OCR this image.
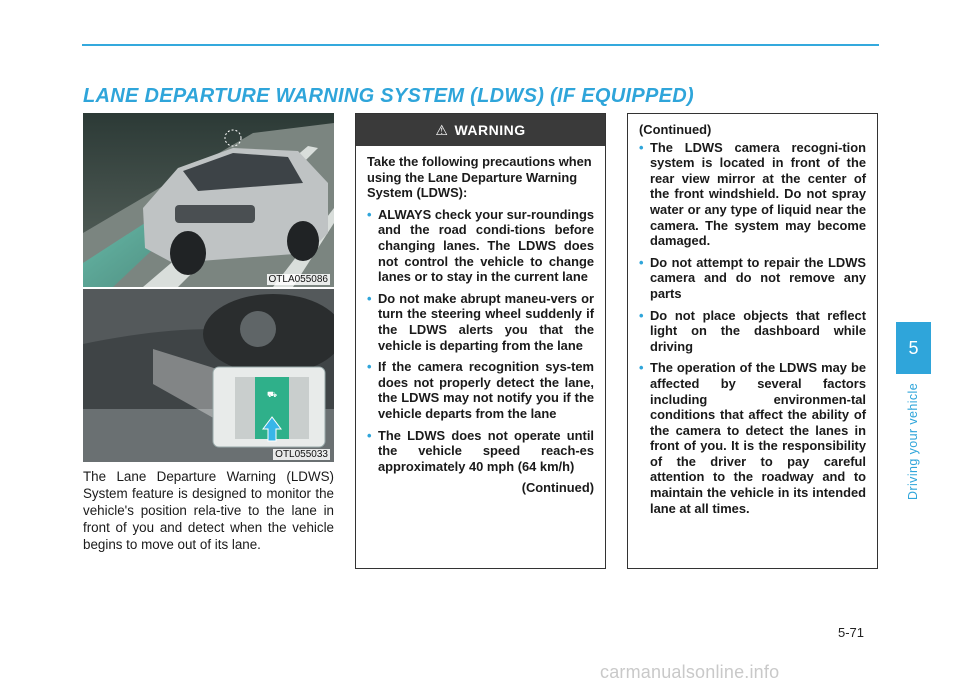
LANE DEPARTURE WARNING SYSTEM (LDWS) (IF EQUIPPED)
OTLA055086
⛟
OTL055033

The Lane Departure Warning (LDWS) System feature is designed to monitor the vehicle's position rela-tive to the lane in front of you and detect when the vehicle begins to move out of its lane.

⚠ WARNING

Take the following precautions when using the Lane Departure Warning System (LDWS):

• ALWAYS check your sur-roundings and the road condi-tions before changing lanes. The LDWS does not control the vehicle to change lanes or to stay in the current lane
• Do not make abrupt maneu-vers or turn the steering wheel suddenly if the LDWS alerts you that the vehicle is departing from the lane
• If the camera recognition sys-tem does not properly detect the lane, the LDWS may not notify you if the vehicle departs from the lane
• The LDWS does not operate until the vehicle speed reach-es approximately 40 mph (64 km/h)
(Continued)

(Continued)

• The LDWS camera recogni-tion system is located in front of the rear view mirror at the center of the front windshield. Do not spray water or any type of liquid near the camera. The system may become damaged.
• Do not attempt to repair the LDWS camera and do not remove any parts
• Do not place objects that reflect light on the dashboard while driving
• The operation of the LDWS may be affected by several factors including environmen-tal conditions that affect the ability of the camera to detect the lanes in front of you. It is the responsibility of the driver to pay careful attention to the roadway and to maintain the vehicle in its intended lane at all times.
5
Driving your vehicle
5-71
carmanualsonline.info
